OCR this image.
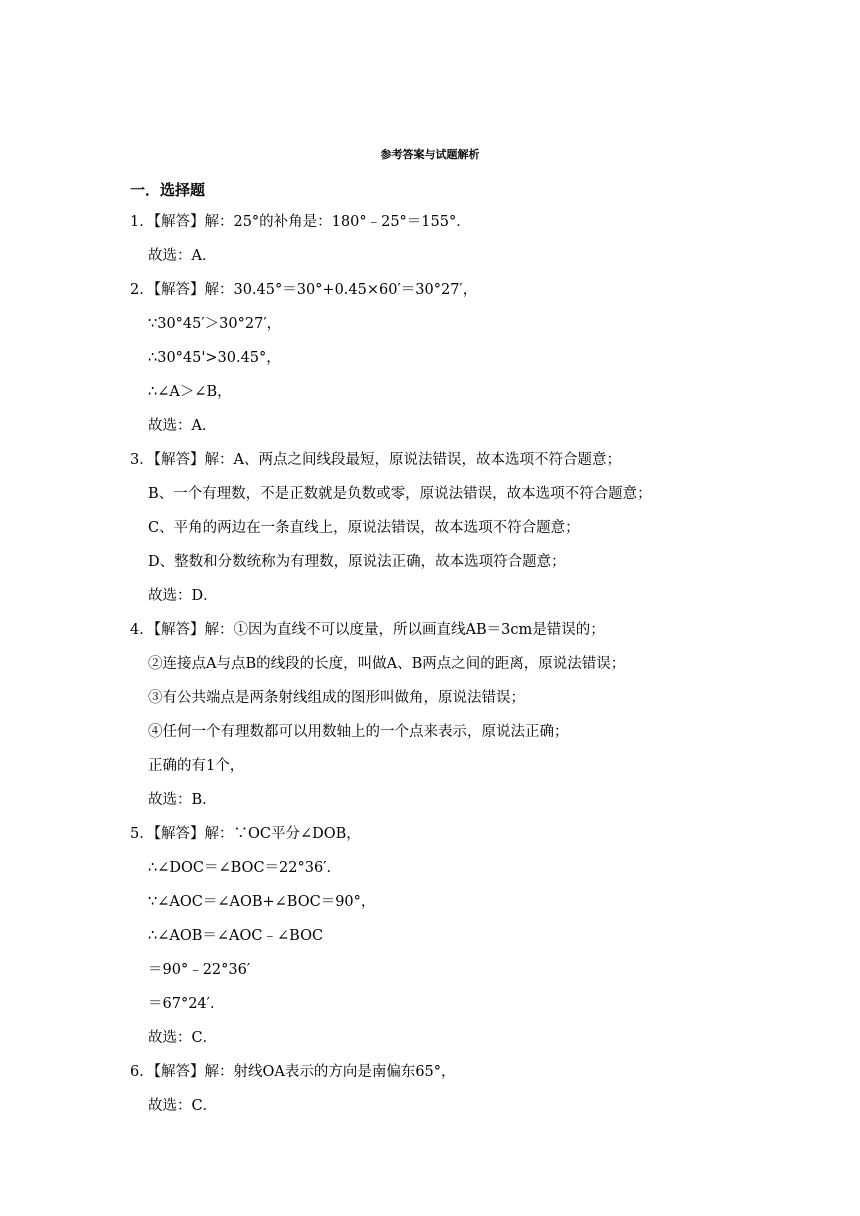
参考答案与试题解析
一．选择题
1．【解答】解：25°的补角是：180°﹣25°＝155°．
故选：A．
2．【解答】解：30.45°＝30°+0.45×60′＝30°27′，
∵30°45′＞30°27′，
∴30°45'>30.45°，
∴∠A＞∠B，
故选：A．
3．【解答】解：A、两点之间线段最短，原说法错误，故本选项不符合题意；
B、一个有理数，不是正数就是负数或零，原说法错误，故本选项不符合题意；
C、平角的两边在一条直线上，原说法错误，故本选项不符合题意；
D、整数和分数统称为有理数，原说法正确，故本选项符合题意；
故选：D．
4．【解答】解：①因为直线不可以度量，所以画直线AB＝3cm是错误的；
②连接点A与点B的线段的长度，叫做A、B两点之间的距离，原说法错误；
③有公共端点是两条射线组成的图形叫做角，原说法错误；
④任何一个有理数都可以用数轴上的一个点来表示，原说法正确；
正确的有1个，
故选：B．
5．【解答】解：∵OC平分∠DOB，
∴∠DOC＝∠BOC＝22°36′．
∵∠AOC＝∠AOB+∠BOC＝90°，
∴∠AOB＝∠AOC﹣∠BOC
＝90°﹣22°36′
＝67°24′．
故选：C．
6．【解答】解：射线OA表示的方向是南偏东65°，
故选：C．
